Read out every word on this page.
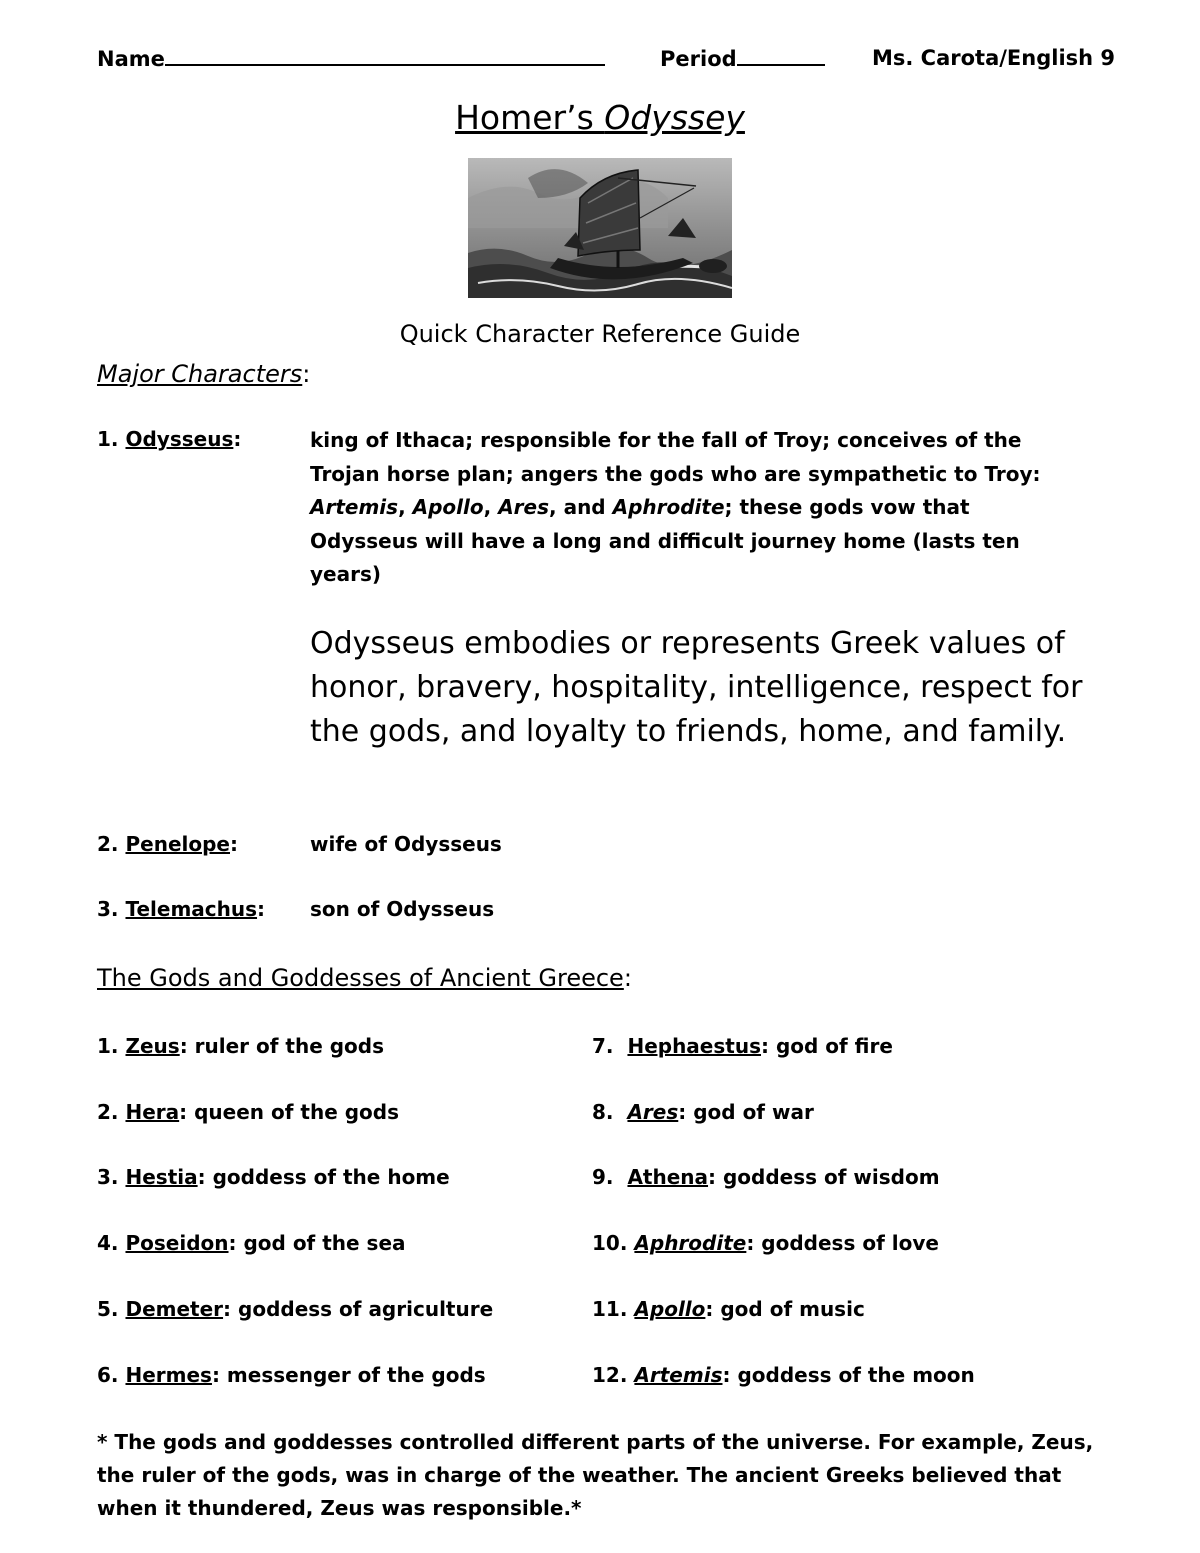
Name	Period	Ms. Carota/English 9
Homer’s Odyssey
Quick Character Reference Guide
Major Characters:
1. Odysseus:	king of Ithaca; responsible for the fall of Troy; conceives of the Trojan horse plan; angers the gods who are sympathetic to Troy: Artemis, Apollo, Ares, and Aphrodite; these gods vow that Odysseus will have a long and difficult journey home (lasts ten years)
Odysseus embodies or represents Greek values of honor, bravery, hospitality, intelligence, respect for the gods, and loyalty to friends, home, and family.
2. Penelope:	wife of Odysseus
3. Telemachus: son of Odysseus
The Gods and Goddesses of Ancient Greece:
1. Zeus: ruler of the gods
2. Hera: queen of the gods
3. Hestia: goddess of the home
4. Poseidon: god of the sea
5. Demeter: goddess of agriculture
6. Hermes: messenger of the gods
7.  Hephaestus: god of fire
8.  Ares: god of war
9.  Athena: goddess of wisdom
10. Aphrodite: goddess of love
11. Apollo: god of music
12. Artemis: goddess of the moon
* The gods and goddesses controlled different parts of the universe. For example, Zeus, the ruler of the gods, was in charge of the weather. The ancient Greeks believed that when it thundered, Zeus was responsible.*
